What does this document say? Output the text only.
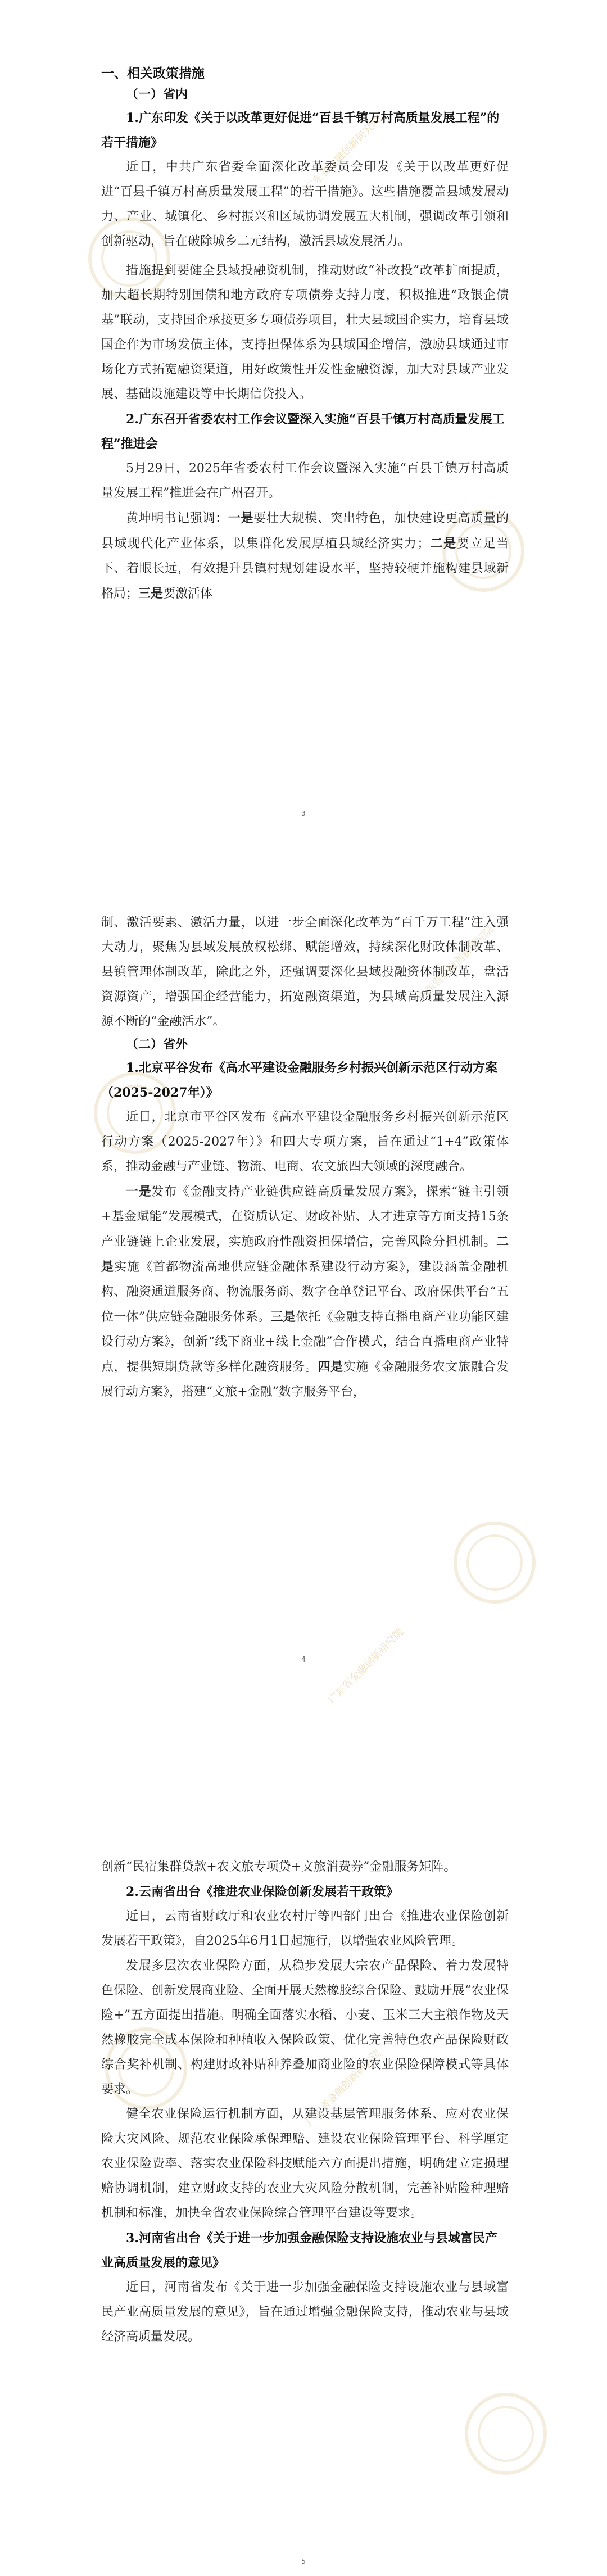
广东省金融创新研究院
广东省金融创新研究院
广东省金融创新研究院
广东省金融创新研究院
一、相关政策措施
（一）省内
1.广东印发《关于以改革更好促进“百县千镇万村高质量发展工程”的若干措施》

近日，中共广东省委全面深化改革委员会印发《关于以改革更好促进“百县千镇万村高质量发展工程”的若干措施》。这些措施覆盖县域发展动力、产业、城镇化、乡村振兴和区域协调发展五大机制，强调改革引领和创新驱动，旨在破除城乡二元结构，激活县域发展活力。

措施提到要健全县域投融资机制，推动财政“补改投”改革扩面提质，加大超长期特别国债和地方政府专项债券支持力度，积极推进“政银企债基”联动，支持国企承接更多专项债券项目，壮大县域国企实力，培育县域国企作为市场发债主体，支持担保体系为县域国企增信，激励县域通过市场化方式拓宽融资渠道，用好政策性开发性金融资源，加大对县域产业发展、基础设施建设等中长期信贷投入。

2.广东召开省委农村工作会议暨深入实施“百县千镇万村高质量发展工程”推进会

5月29日，2025年省委农村工作会议暨深入实施“百县千镇万村高质量发展工程”推进会在广州召开。

黄坤明书记强调：一是要壮大规模、突出特色，加快建设更高质量的县域现代化产业体系，以集群化发展厚植县域经济实力；二是要立足当下、着眼长远，有效提升县镇村规划建设水平，坚持较硬并施构建县域新格局；三是要激活体

3

制、激活要素、激活力量，以进一步全面深化改革为“百千万工程”注入强大动力，聚焦为县域发展放权松绑、赋能增效，持续深化财政体制改革、县镇管理体制改革，除此之外，还强调要深化县域投融资体制改革，盘活资源资产，增强国企经营能力，拓宽融资渠道，为县域高质量发展注入源源不断的“金融活水”。

（二）省外
1.北京平谷发布《高水平建设金融服务乡村振兴创新示范区行动方案（2025-2027年）》

近日，北京市平谷区发布《高水平建设金融服务乡村振兴创新示范区行动方案（2025-2027年）》和四大专项方案，旨在通过“1+4”政策体系，推动金融与产业链、物流、电商、农文旅四大领域的深度融合。

一是发布《金融支持产业链供应链高质量发展方案》，探索“链主引领+基金赋能”发展模式，在资质认定、财政补贴、人才进京等方面支持15条产业链链上企业发展，实施政府性融资担保增信，完善风险分担机制。二是实施《首都物流高地供应链金融体系建设行动方案》，建设涵盖金融机构、融资通道服务商、物流服务商、数字仓单登记平台、政府保供平台“五位一体”供应链金融服务体系。三是依托《金融支持直播电商产业功能区建设行动方案》，创新“线下商业+线上金融”合作模式，结合直播电商产业特点，提供短期贷款等多样化融资服务。四是实施《金融服务农文旅融合发展行动方案》，搭建“文旅+金融”数字服务平台，

4

创新“民宿集群贷款+农文旅专项贷+文旅消费券”金融服务矩阵。

2.云南省出台《推进农业保险创新发展若干政策》

近日，云南省财政厅和农业农村厅等四部门出台《推进农业保险创新发展若干政策》，自2025年6月1日起施行，以增强农业风险管理。

发展多层次农业保险方面，从稳步发展大宗农产品保险、着力发展特色保险、创新发展商业险、全面开展天然橡胶综合保险、鼓励开展“农业保险+”五方面提出措施。明确全面落实水稻、小麦、玉米三大主粮作物及天然橡胶完全成本保险和种植收入保险政策、优化完善特色农产品保险财政综合奖补机制、构建财政补贴种养叠加商业险的农业保险保障模式等具体要求。

健全农业保险运行机制方面，从建设基层管理服务体系、应对农业保险大灾风险、规范农业保险承保理赔、建设农业保险管理平台、科学厘定农业保险费率、落实农业保险科技赋能六方面提出措施，明确建立定损理赔协调机制，建立财政支持的农业大灾风险分散机制，完善补贴险种理赔机制和标准，加快全省农业保险综合管理平台建设等要求。

3.河南省出台《关于进一步加强金融保险支持设施农业与县域富民产业高质量发展的意见》

近日，河南省发布《关于进一步加强金融保险支持设施农业与县域富民产业高质量发展的意见》，旨在通过增强金融保险支持，推动农业与县域经济高质量发展。

5
